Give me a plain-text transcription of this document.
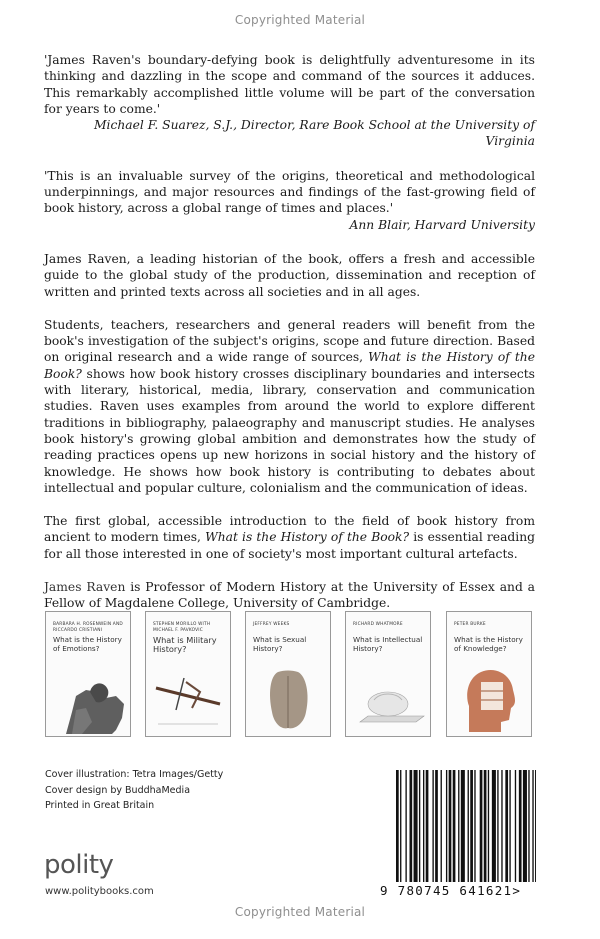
Copyrighted Material

'James Raven's boundary-defying book is delightfully adventuresome in its thinking and dazzling in the scope and command of the sources it adduces. This remarkably accomplished little volume will be part of the conversation for years to come.'

Michael F. Suarez, S.J., Director, Rare Book School at the University of Virginia

'This is an invaluable survey of the origins, theoretical and methodological underpinnings, and major resources and findings of the fast-growing field of book history, across a global range of times and places.'

Ann Blair, Harvard University

James Raven, a leading historian of the book, offers a fresh and accessible guide to the global study of the production, dissemination and reception of written and printed texts across all societies and in all ages.

Students, teachers, researchers and general readers will benefit from the book's investigation of the subject's origins, scope and future direction. Based on original research and a wide range of sources, What is the History of the Book? shows how book history crosses disciplinary boundaries and intersects with literary, historical, media, library, conservation and communication studies. Raven uses examples from around the world to explore different traditions in bibliography, palaeography and manuscript studies. He analyses book history's growing global ambition and demonstrates how the study of reading practices opens up new horizons in social history and the history of knowledge. He shows how book history is contributing to debates about intellectual and popular culture, colonialism and the communication of ideas.

The first global, accessible introduction to the field of book history from ancient to modern times, What is the History of the Book? is essential reading for all those interested in one of society's most important cultural artefacts.

James Raven is Professor of Modern History at the University of Essex and a Fellow of Magdalene College, University of Cambridge.

BARBARA H. ROSENWEIN AND RICCARDO CRISTIANI
What is the History of Emotions?
STEPHEN MORILLO WITH MICHAEL F. PAVKOVIC
What is Military History?
JEFFREY WEEKS
What is Sexual History?
RICHARD WHATMORE
What is Intellectual History?
PETER BURKE
What is the History of Knowledge?
Cover illustration: Tetra Images/Getty
Cover design by BuddhaMedia
Printed in Great Britain
polity
www.politybooks.com	9 780745 641621>
Copyrighted Material
